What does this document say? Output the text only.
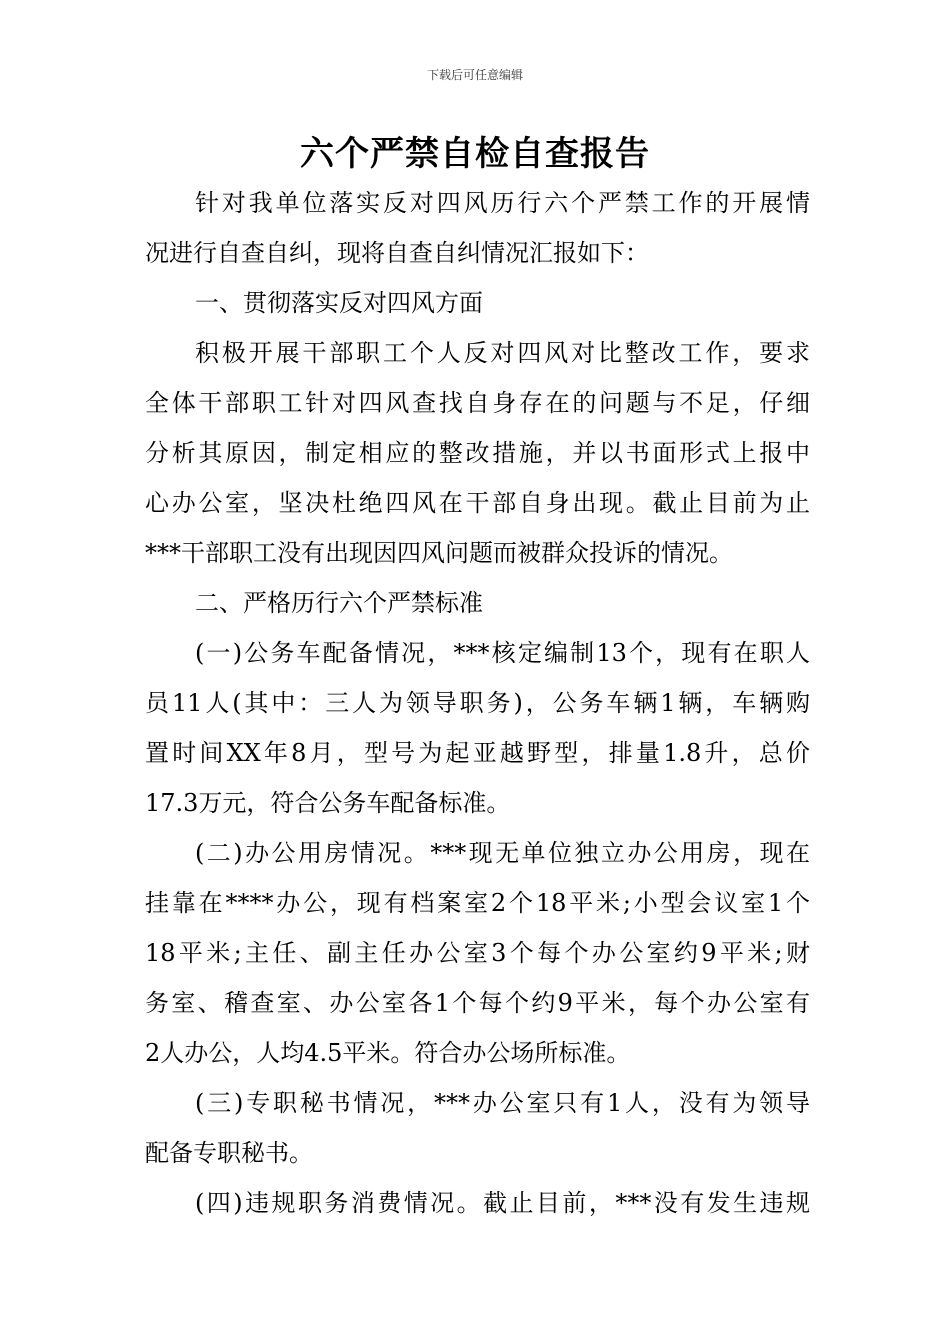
下载后可任意编辑
六个严禁自检自查报告
针对我单位落实反对四风历行六个严禁工作的开展情
况进行自查自纠，现将自查自纠情况汇报如下：
一、贯彻落实反对四风方面
积极开展干部职工个人反对四风对比整改工作，要求
全体干部职工针对四风查找自身存在的问题与不足，仔细
分析其原因，制定相应的整改措施，并以书面形式上报中
心办公室，坚决杜绝四风在干部自身出现。截止目前为止
***干部职工没有出现因四风问题而被群众投诉的情况。
二、严格历行六个严禁标准
(一)公务车配备情况，***核定编制13个，现有在职人
员11人(其中：三人为领导职务)，公务车辆1辆，车辆购
置时间XX年8月，型号为起亚越野型，排量1.8升，总价
17.3万元，符合公务车配备标准。
(二)办公用房情况。***现无单位独立办公用房，现在
挂靠在****办公，现有档案室2个18平米;小型会议室1个
18平米;主任、副主任办公室3个每个办公室约9平米;财
务室、稽查室、办公室各1个每个约9平米，每个办公室有
2人办公，人均4.5平米。符合办公场所标准。
(三)专职秘书情况，***办公室只有1人，没有为领导
配备专职秘书。
(四)违规职务消费情况。截止目前，***没有发生违规
